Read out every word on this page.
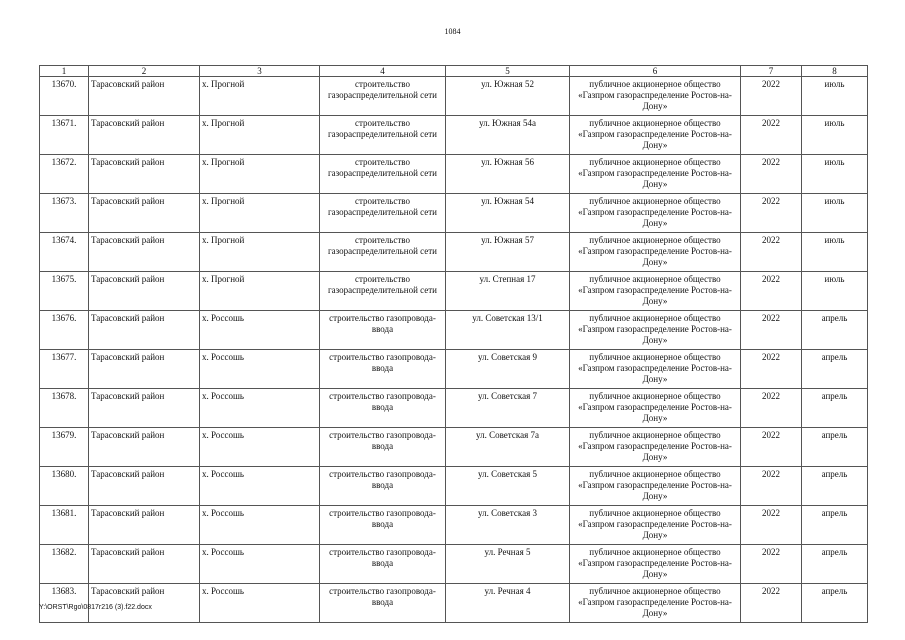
1084
1	2	3	4	5	6	7	8
13670.	Тарасовский район	х. Прогной	строительство газораспределительной сети	ул. Южная 52	публичное акционерное общество «Газпром газораспределение Ростов-на-Дону»	2022	июль
13671.	Тарасовский район	х. Прогной	строительство газораспределительной сети	ул. Южная 54а	публичное акционерное общество «Газпром газораспределение Ростов-на-Дону»	2022	июль
13672.	Тарасовский район	х. Прогной	строительство газораспределительной сети	ул. Южная 56	публичное акционерное общество «Газпром газораспределение Ростов-на-Дону»	2022	июль
13673.	Тарасовский район	х. Прогной	строительство газораспределительной сети	ул. Южная 54	публичное акционерное общество «Газпром газораспределение Ростов-на-Дону»	2022	июль
13674.	Тарасовский район	х. Прогной	строительство газораспределительной сети	ул. Южная 57	публичное акционерное общество «Газпром газораспределение Ростов-на-Дону»	2022	июль
13675.	Тарасовский район	х. Прогной	строительство газораспределительной сети	ул. Степная 17	публичное акционерное общество «Газпром газораспределение Ростов-на-Дону»	2022	июль
13676.	Тарасовский район	х. Россошь	строительство газопровода-ввода	ул. Советская 13/1	публичное акционерное общество «Газпром газораспределение Ростов-на-Дону»	2022	апрель
13677.	Тарасовский район	х. Россошь	строительство газопровода-ввода	ул. Советская 9	публичное акционерное общество «Газпром газораспределение Ростов-на-Дону»	2022	апрель
13678.	Тарасовский район	х. Россошь	строительство газопровода-ввода	ул. Советская 7	публичное акционерное общество «Газпром газораспределение Ростов-на-Дону»	2022	апрель
13679.	Тарасовский район	х. Россошь	строительство газопровода-ввода	ул. Советская 7а	публичное акционерное общество «Газпром газораспределение Ростов-на-Дону»	2022	апрель
13680.	Тарасовский район	х. Россошь	строительство газопровода-ввода	ул. Советская 5	публичное акционерное общество «Газпром газораспределение Ростов-на-Дону»	2022	апрель
13681.	Тарасовский район	х. Россошь	строительство газопровода-ввода	ул. Советская 3	публичное акционерное общество «Газпром газораспределение Ростов-на-Дону»	2022	апрель
13682.	Тарасовский район	х. Россошь	строительство газопровода-ввода	ул. Речная 5	публичное акционерное общество «Газпром газораспределение Ростов-на-Дону»	2022	апрель
13683.	Тарасовский район	х. Россошь	строительство газопровода-ввода	ул. Речная 4	публичное акционерное общество «Газпром газораспределение Ростов-на-Дону»	2022	апрель
Y:\ORST\Rgo\0817r216 (3).f22.docx
